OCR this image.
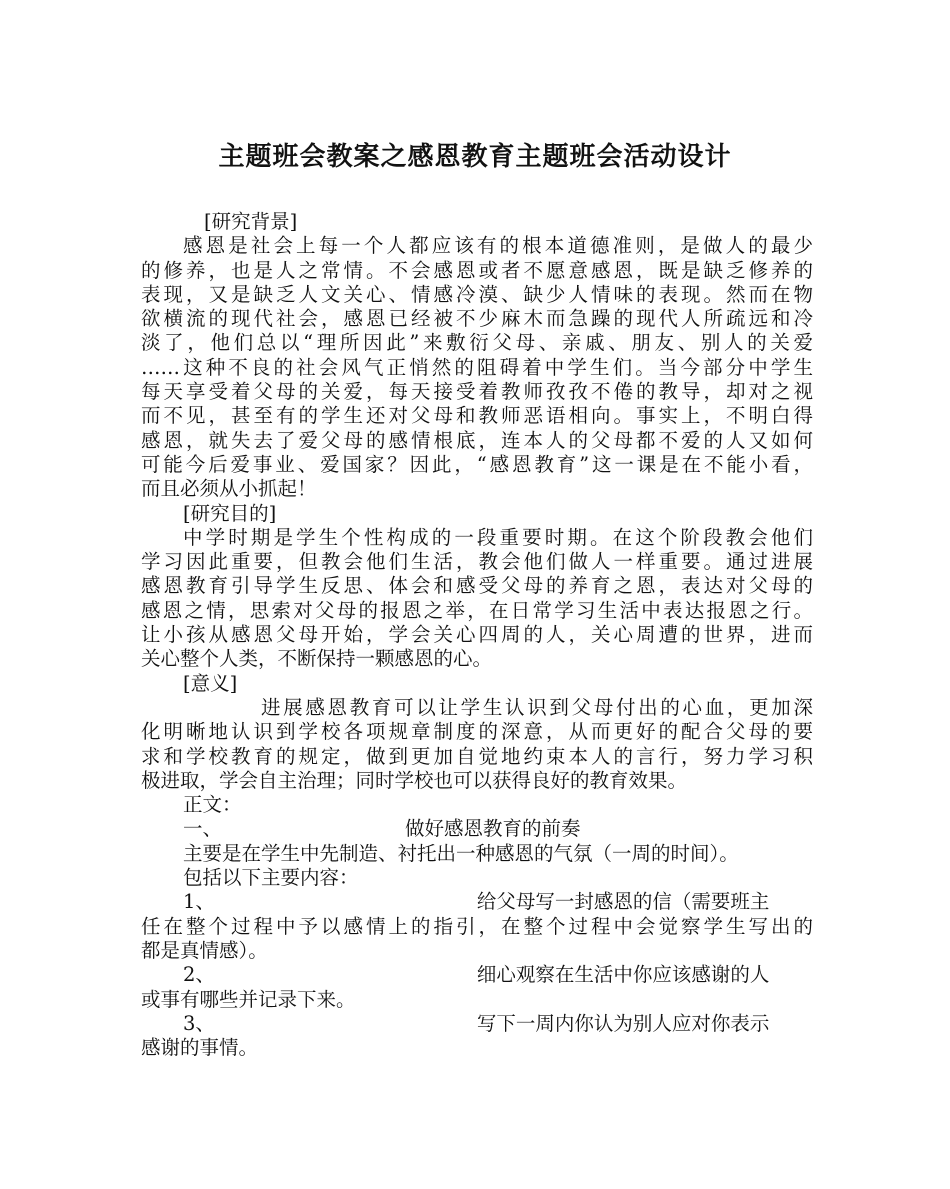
主题班会教案之感恩教育主题班会活动设计
[研究背景]
感恩是社会上每一个人都应该有的根本道德准则，是做人的最少
的修养，也是人之常情。不会感恩或者不愿意感恩，既是缺乏修养的
表现，又是缺乏人文关心、情感冷漠、缺少人情味的表现。然而在物
欲横流的现代社会，感恩已经被不少麻木而急躁的现代人所疏远和冷
淡了，他们总以“理所因此”来敷衍父母、亲戚、朋友、别人的关爱
……这种不良的社会风气正悄然的阻碍着中学生们。当今部分中学生
每天享受着父母的关爱，每天接受着教师孜孜不倦的教导，却对之视
而不见，甚至有的学生还对父母和教师恶语相向。事实上，不明白得
感恩，就失去了爱父母的感情根底，连本人的父母都不爱的人又如何
可能今后爱事业、爱国家？因此，“感恩教育”这一课是在不能小看，
而且必须从小抓起！
[研究目的]
中学时期是学生个性构成的一段重要时期。在这个阶段教会他们
学习因此重要，但教会他们生活，教会他们做人一样重要。通过进展
感恩教育引导学生反思、体会和感受父母的养育之恩，表达对父母的
感恩之情，思索对父母的报恩之举，在日常学习生活中表达报恩之行。
让小孩从感恩父母开始，学会关心四周的人，关心周遭的世界，进而
关心整个人类，不断保持一颗感恩的心。
[意义]
进展感恩教育可以让学生认识到父母付出的心血，更加深
化明晰地认识到学校各项规章制度的深意，从而更好的配合父母的要
求和学校教育的规定，做到更加自觉地约束本人的言行，努力学习积
极进取，学会自主治理；同时学校也可以获得良好的教育效果。
正文：
一、	做好感恩教育的前奏
主要是在学生中先制造、衬托出一种感恩的气氛（一周的时间）。
包括以下主要内容：
1、	给父母写一封感恩的信（需要班主
任在整个过程中予以感情上的指引，在整个过程中会觉察学生写出的
都是真情感）。
2、	细心观察在生活中你应该感谢的人
或事有哪些并记录下来。
3、	写下一周内你认为别人应对你表示
感谢的事情。
